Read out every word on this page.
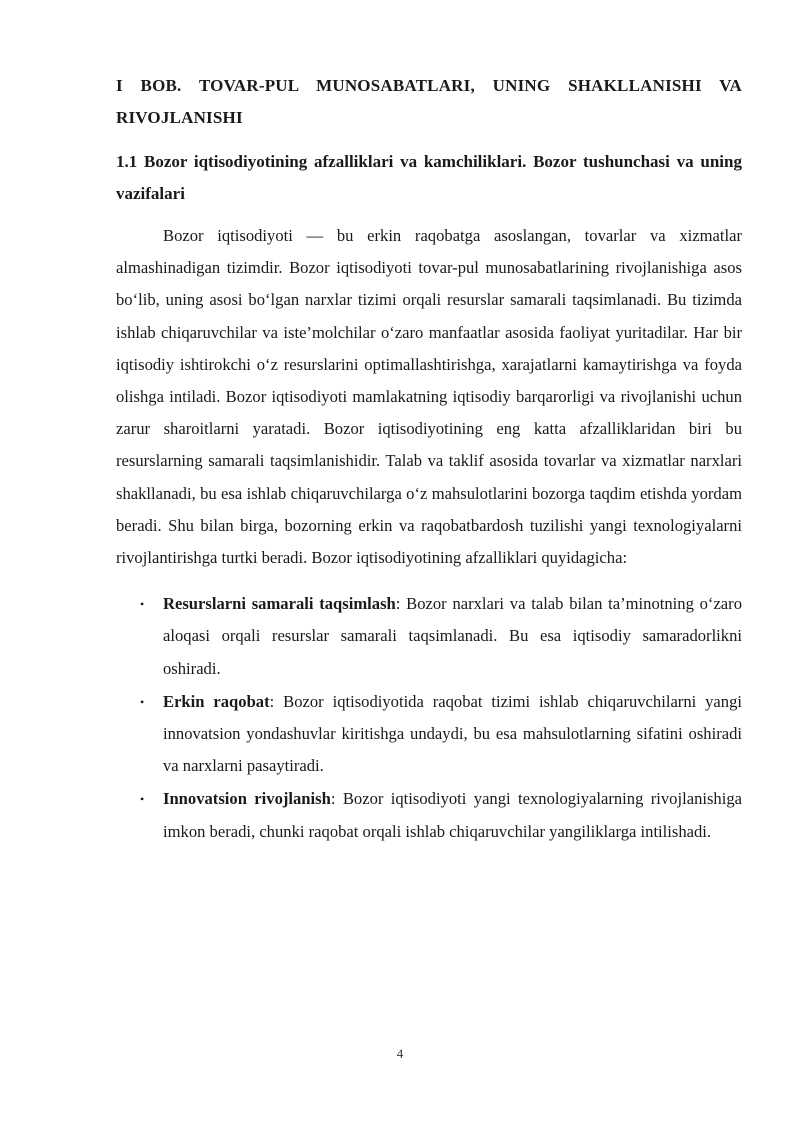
I BOB. TOVAR-PUL MUNOSABATLARI, UNING SHAKLLANISHI VA RIVOJLANISHI
1.1 Bozor iqtisodiyotining afzalliklari va kamchiliklari. Bozor tushunchasi va uning vazifalari

Bozor iqtisodiyoti — bu erkin raqobatga asoslangan, tovarlar va xizmatlar almashinadigan tizimdir. Bozor iqtisodiyoti tovar-pul munosabatlarining rivojlanishiga asos bo‘lib, uning asosi bo‘lgan narxlar tizimi orqali resurslar samarali taqsimlanadi. Bu tizimda ishlab chiqaruvchilar va iste’molchilar o‘zaro manfaatlar asosida faoliyat yuritadilar. Har bir iqtisodiy ishtirokchi o‘z resurslarini optimallashtirishga, xarajatlarni kamaytirishga va foyda olishga intiladi. Bozor iqtisodiyoti mamlakatning iqtisodiy barqarorligi va rivojlanishi uchun zarur sharoitlarni yaratadi. Bozor iqtisodiyotining eng katta afzalliklaridan biri bu resurslarning samarali taqsimlanishidir. Talab va taklif asosida tovarlar va xizmatlar narxlari shakllanadi, bu esa ishlab chiqaruvchilarga o‘z mahsulotlarini bozorga taqdim etishda yordam beradi. Shu bilan birga, bozorning erkin va raqobatbardosh tuzilishi yangi texnologiyalarni rivojlantirishga turtki beradi. Bozor iqtisodiyotining afzalliklari quyidagicha:

• Resurslarni samarali taqsimlash: Bozor narxlari va talab bilan ta’minotning o‘zaro aloqasi orqali resurslar samarali taqsimlanadi. Bu esa iqtisodiy samaradorlikni oshiradi.
• Erkin raqobat: Bozor iqtisodiyotida raqobat tizimi ishlab chiqaruvchilarni yangi innovatsion yondashuvlar kiritishga undaydi, bu esa mahsulotlarning sifatini oshiradi va narxlarni pasaytiradi.
• Innovatsion rivojlanish: Bozor iqtisodiyoti yangi texnologiyalarning rivojlanishiga imkon beradi, chunki raqobat orqali ishlab chiqaruvchilar yangiliklarga intilishadi.
4
